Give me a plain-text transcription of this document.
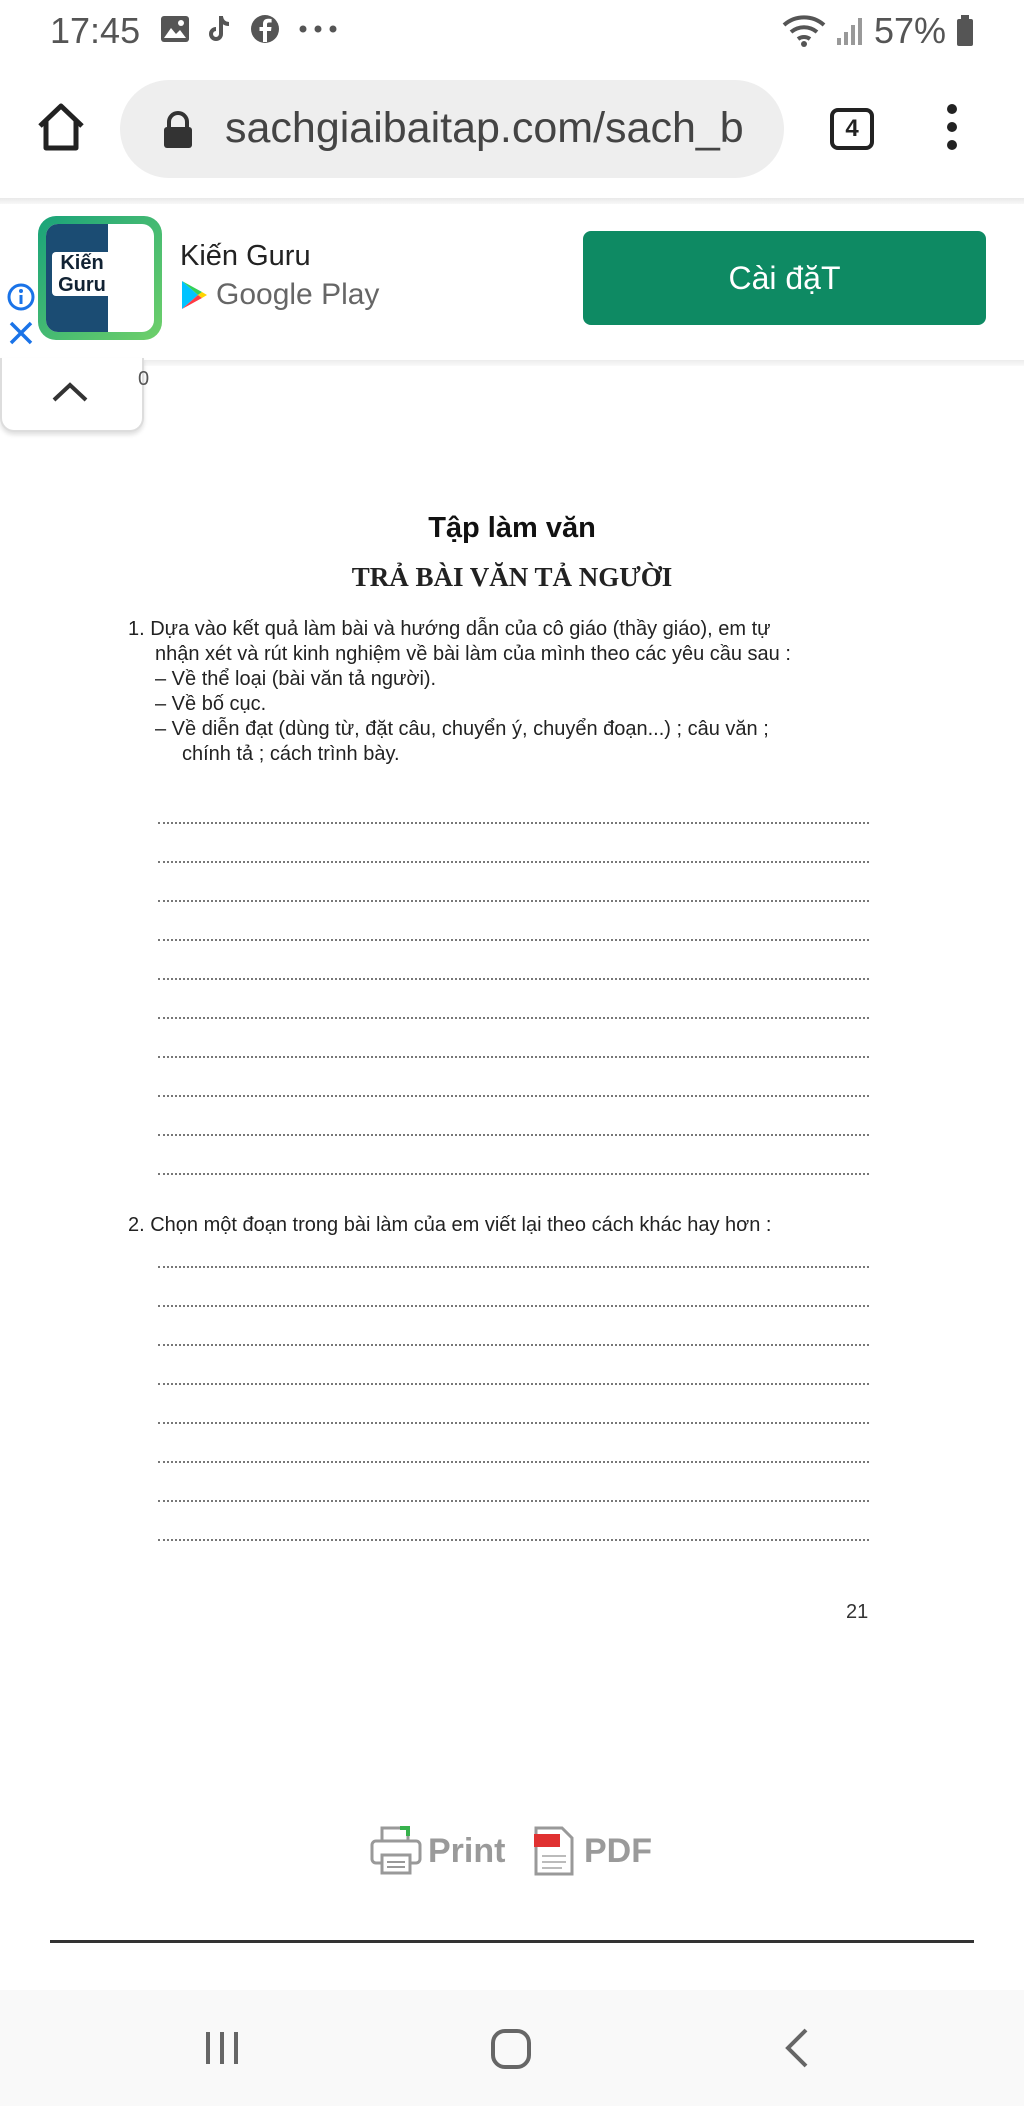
17:45	57%
sachgiaibaitap.com/sach_b	4
Kiến Guru
Kiến Guru
Google Play	Cài đặT
0
Tập làm văn
TRẢ BÀI VĂN TẢ NGƯỜI
1. Dựa vào kết quả làm bài và hướng dẫn của cô giáo (thầy giáo), em tự
nhận xét và rút kinh nghiệm về bài làm của mình theo các yêu cầu sau :
– Về thể loại (bài văn tả người).
– Về bố cục.
– Về diễn đạt (dùng từ, đặt câu, chuyển ý, chuyển đoạn...) ; câu văn ;
chính tả ; cách trình bày.
2. Chọn một đoạn trong bài làm của em viết lại theo cách khác hay hơn :
21
Print PDF
